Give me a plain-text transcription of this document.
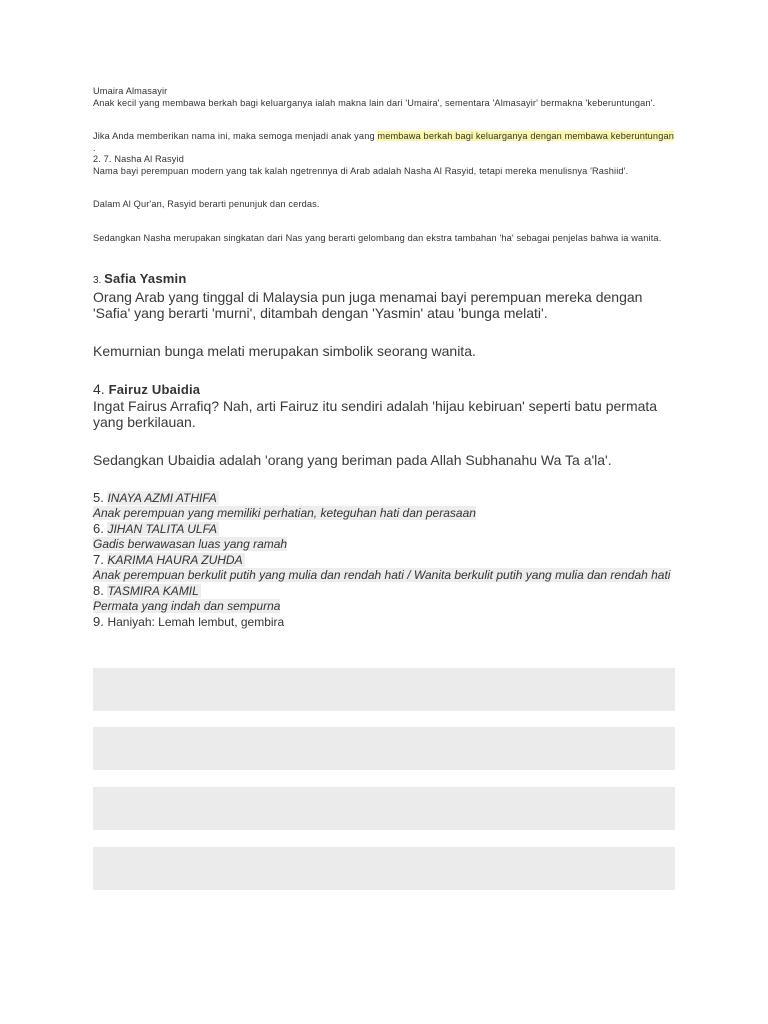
Umaira Almasayir

Anak kecil yang membawa berkah bagi keluarganya ialah makna lain dari 'Umaira', sementara 'Almasayir' bermakna 'keberuntungan'.

Jika Anda memberikan nama ini, maka semoga menjadi anak yang membawa berkah bagi keluarganya dengan membawa keberuntungan .

2. 7. Nasha Al Rasyid

Nama bayi perempuan modern yang tak kalah ngetrennya di Arab adalah Nasha Al Rasyid, tetapi mereka menulisnya 'Rashiid'.

Dalam Al Qur'an, Rasyid berarti penunjuk dan cerdas.

Sedangkan Nasha merupakan singkatan dari Nas yang berarti gelombang dan ekstra tambahan 'ha' sebagai penjelas bahwa ia wanita.

3. Safia Yasmin

Orang Arab yang tinggal di Malaysia pun juga menamai bayi perempuan mereka dengan 'Safia' yang berarti 'murni', ditambah dengan 'Yasmin' atau 'bunga melati'.

Kemurnian bunga melati merupakan simbolik seorang wanita.

4. Fairuz Ubaidia

Ingat Fairus Arrafiq? Nah, arti Fairuz itu sendiri adalah 'hijau kebiruan' seperti batu permata yang berkilauan.

Sedangkan Ubaidia adalah 'orang yang beriman pada Allah Subhanahu Wa Ta a'la'.

5. INAYA AZMI ATHIFA

Anak perempuan yang memiliki perhatian, keteguhan hati dan perasaan

6. JIHAN TALITA ULFA

Gadis berwawasan luas yang ramah

7. KARIMA HAURA ZUHDA

Anak perempuan berkulit putih yang mulia dan rendah hati / Wanita berkulit putih yang mulia dan rendah hati

8. TASMIRA KAMIL

Permata yang indah dan sempurna

9. Haniyah: Lemah lembut, gembira
